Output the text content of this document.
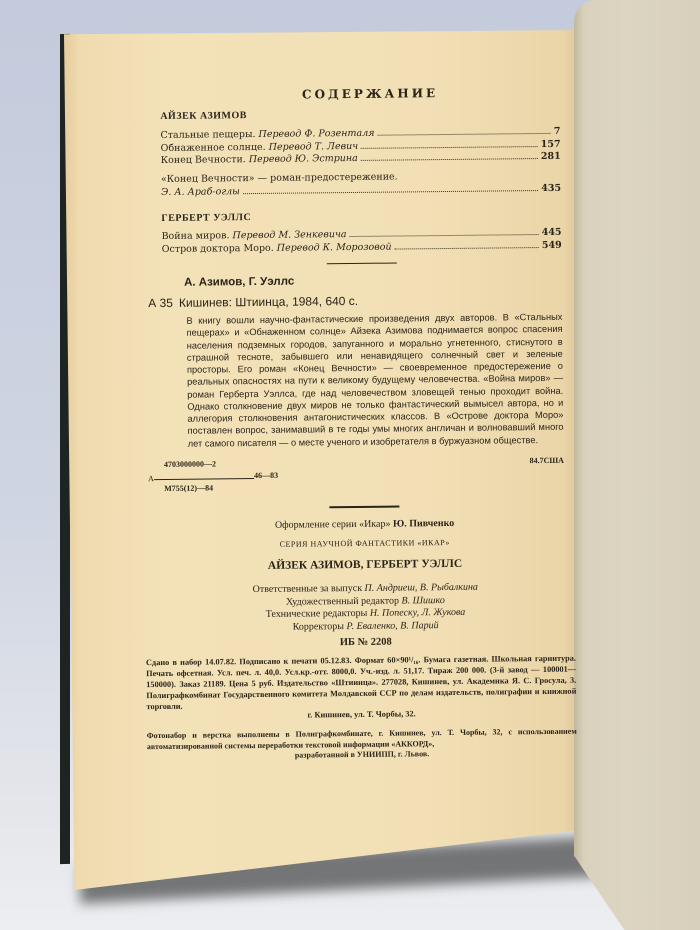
СОДЕРЖАНИЕ
АЙЗЕК АЗИМОВ
Стальные пещеры. Перевод Ф. Розенталя	7
Обнаженное солнце. Перевод Т. Левич	157
Конец Вечности. Перевод Ю. Эстрина	281
«Конец Вечности» — роман-предостережение.
Э. А. Араб-оглы	435
ГЕРБЕРТ УЭЛЛС
Война миров. Перевод М. Зенкевича	445
Остров доктора Моро. Перевод К. Морозовой	549
А. Азимов, Г. Уэллс
А 35 Кишинев: Штиинца, 1984, 640 с.
В книгу вошли научно-фантастические произведения двух авторов. В «Стальных пещерах» и «Обнаженном солнце» Айзека Азимова поднимается вопрос спасения населения подземных городов, запуганного и морально угнетенного, стиснутого в страшной тесноте, забывшего или ненавидящего солнечный свет и зеленые просторы. Его роман «Конец Вечности» — своевременное предостережение о реальных опасностях на пути к великому будущему человечества. «Война миров» — роман Герберта Уэллса, где над человечеством зловещей тенью проходит война. Однако столкновение двух миров не только фантастический вымысел автора, но и аллегория столкновения антагонистических классов. В «Острове доктора Моро» поставлен вопрос, занимавший в те годы умы многих англичан и волновавший много лет самого писателя — о месте ученого и изобретателя в буржуазном обществе.
А
4703000000—2
46—83
М755(12)—84
84.7США
Оформление серии «Икар» Ю. Пивченко
СЕРИЯ НАУЧНОЙ ФАНТАСТИКИ «ИКАР»
АЙЗЕК АЗИМОВ, ГЕРБЕРТ УЭЛЛС
Ответственные за выпуск П. Андриеш, В. Рыбалкина
Художественный редактор В. Шишко
Технические редакторы Н. Попеску, Л. Жукова
Корректоры Р. Еваленко, В. Парий
ИБ № 2208
Сдано в набор 14.07.82. Подписано к печати 05.12.83. Формат 60×90¹/₁₆. Бумага газетная. Школьная гарнитура. Печать офсетная. Усл. печ. л. 40,0. Усл.кр.-отт. 8000,0. Уч.-изд. л. 51,17. Тираж 200 000. (3-й завод — 100001—150000). Заказ 21189. Цена 5 руб. Издательство «Штиинца». 277028, Кишинев, ул. Академика Я. С. Гросула, 3. Полиграфкомбинат Государственного комитета Молдавской ССР по делам издательств, полиграфии и книжной торговли.
г. Кишинев, ул. Т. Чорбы, 32.
Фотонабор и верстка выполнены в Полиграфкомбинате, г. Кишинев, ул. Т. Чорбы, 32, с использованием автоматизированной системы переработки текстовой информации «АККОРД»,
разработанной в УНИИПП, г. Львов.
